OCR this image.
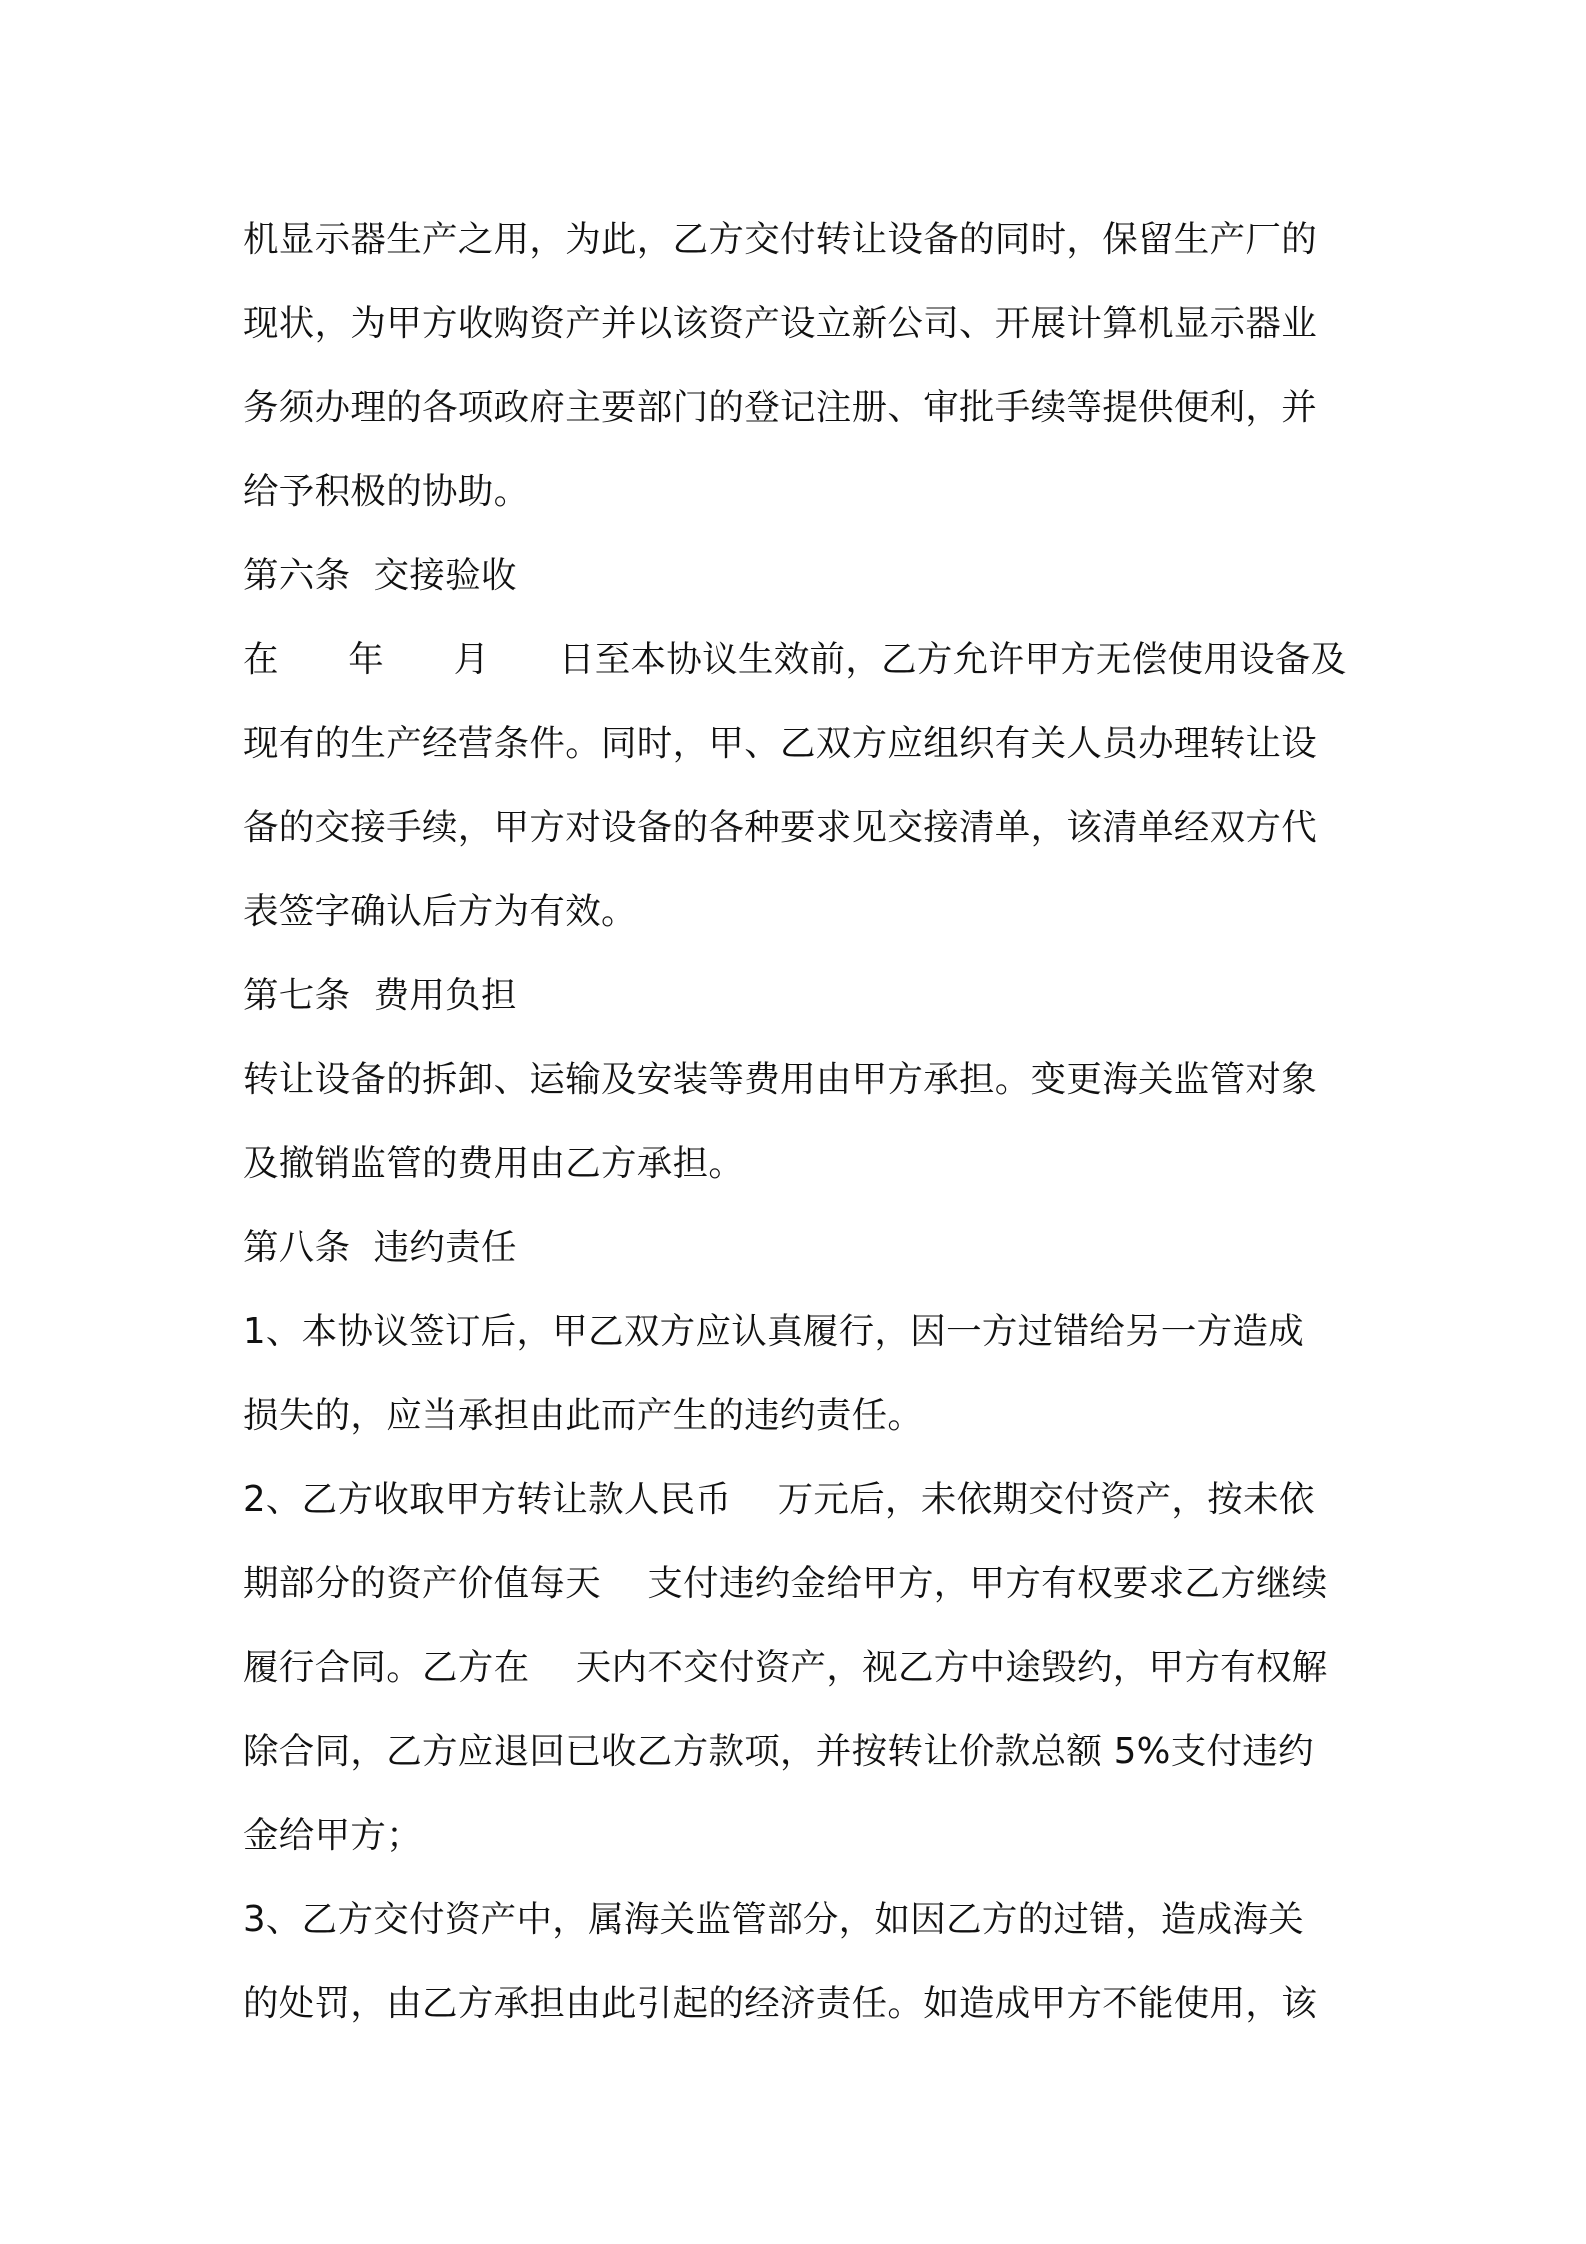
机显示器生产之用，为此，乙方交付转让设备的同时，保留生产厂的
现状，为甲方收购资产并以该资产设立新公司、开展计算机显示器业
务须办理的各项政府主要部门的登记注册、审批手续等提供便利，并
给予积极的协助。
第六条  交接验收
在      年      月      日至本协议生效前，乙方允许甲方无偿使用设备及
现有的生产经营条件。同时，甲、乙双方应组织有关人员办理转让设
备的交接手续，甲方对设备的各种要求见交接清单，该清单经双方代
表签字确认后方为有效。
第七条  费用负担
转让设备的拆卸、运输及安装等费用由甲方承担。变更海关监管对象
及撤销监管的费用由乙方承担。
第八条  违约责任
1、本协议签订后，甲乙双方应认真履行，因一方过错给另一方造成
损失的，应当承担由此而产生的违约责任。
2、乙方收取甲方转让款人民币    万元后，未依期交付资产，按未依
期部分的资产价值每天    支付违约金给甲方，甲方有权要求乙方继续
履行合同。乙方在    天内不交付资产，视乙方中途毁约，甲方有权解
除合同，乙方应退回已收乙方款项，并按转让价款总额 5%支付违约
金给甲方；
3、乙方交付资产中，属海关监管部分，如因乙方的过错，造成海关
的处罚，由乙方承担由此引起的经济责任。如造成甲方不能使用，该
